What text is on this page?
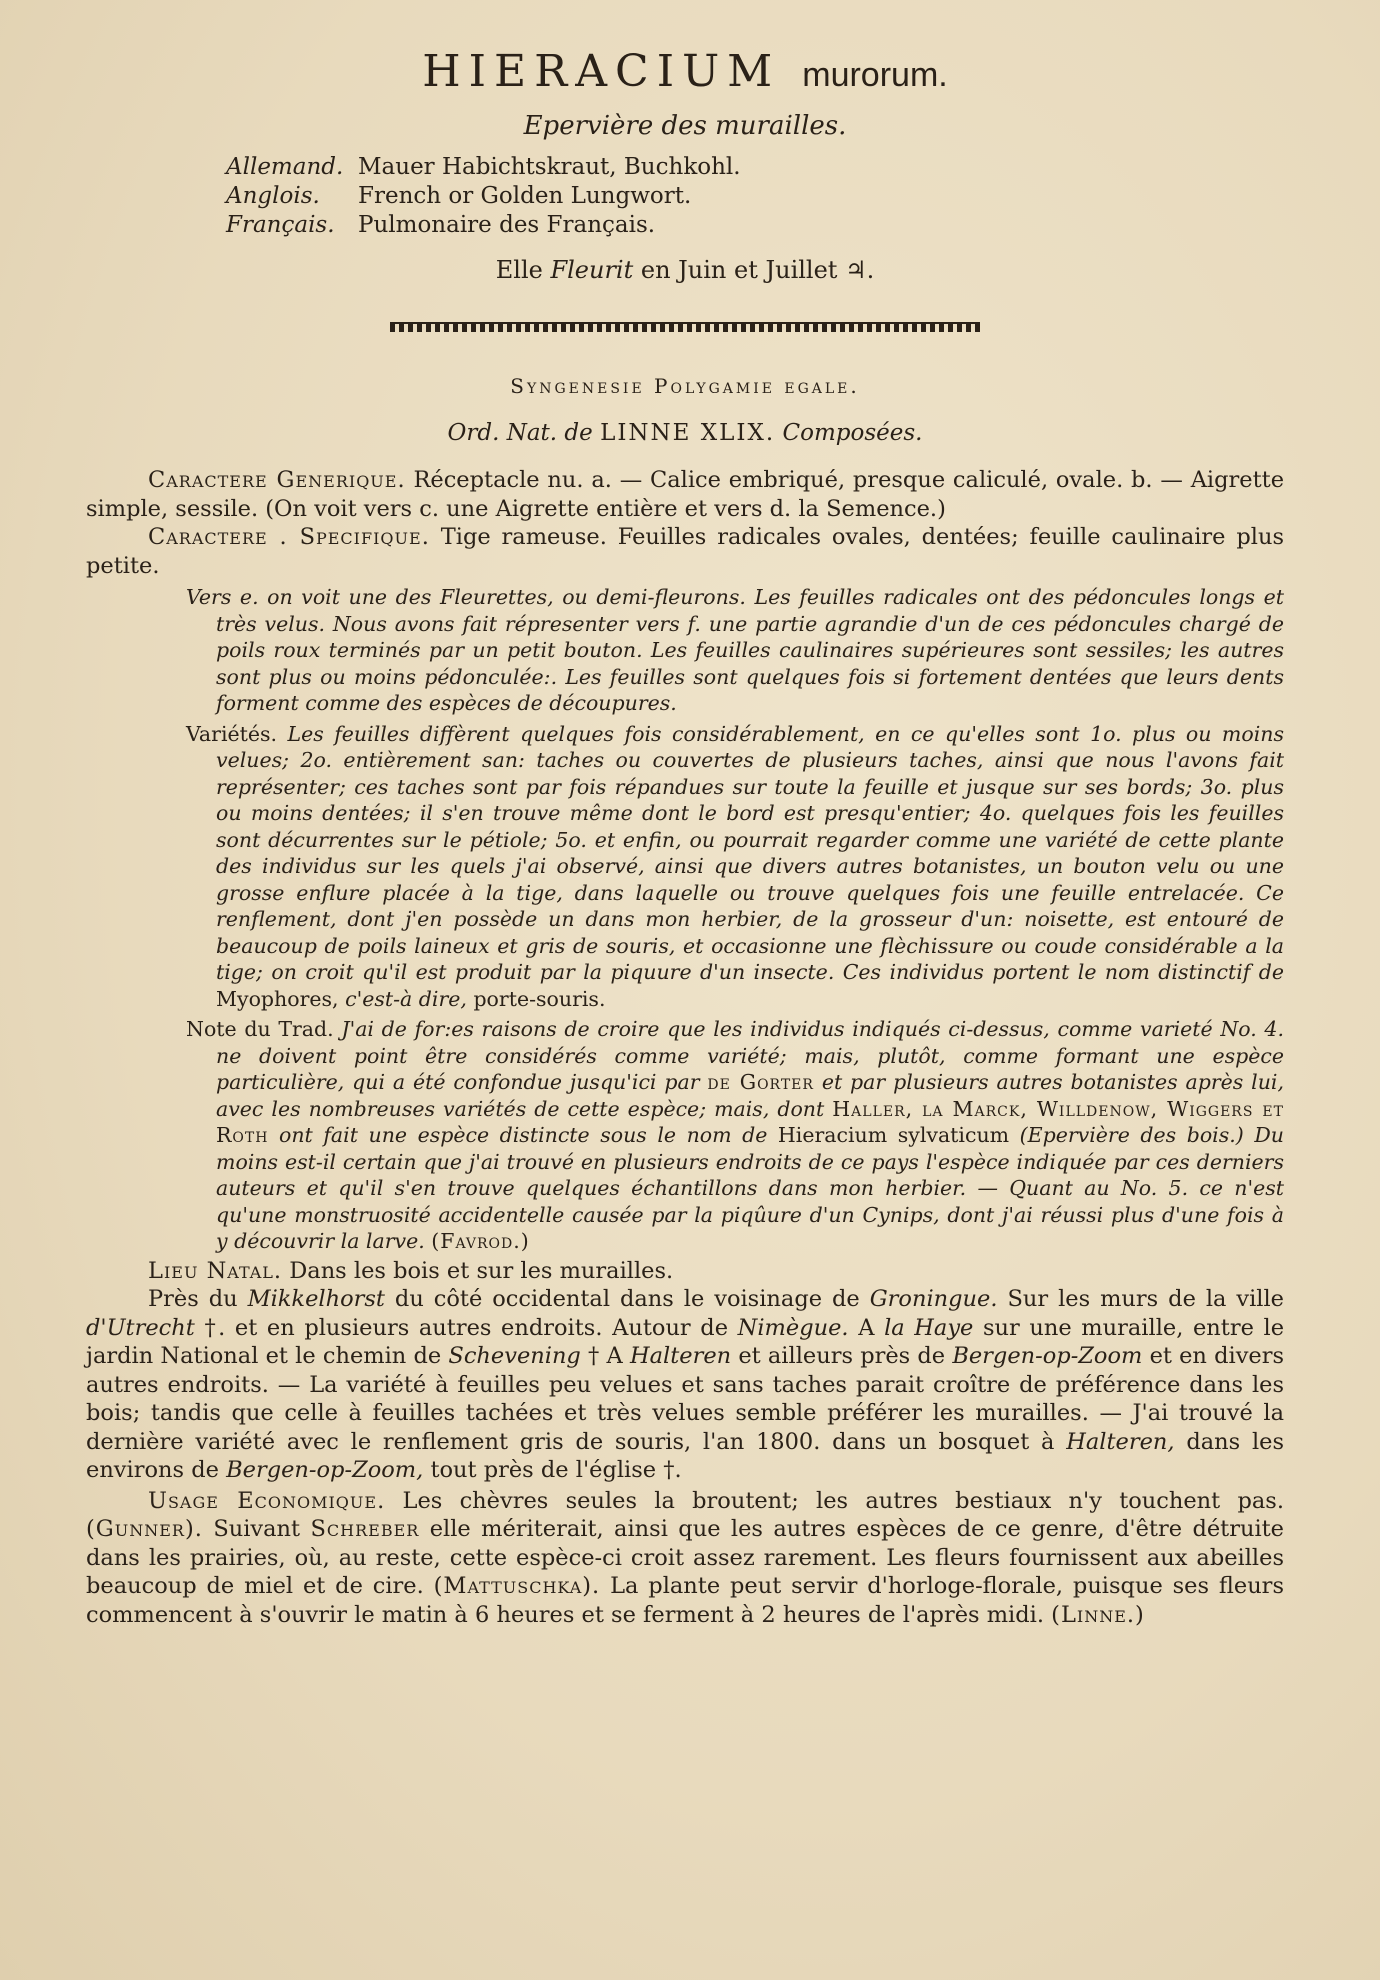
HIERACIUM murorum.
Epervière des murailles.
Allemand. Mauer Habichtskraut, Buchkohl.
Anglois. French or Golden Lungwort.
Français. Pulmonaire des Français.
Elle Fleurit en Juin et Juillet ♃.
Syngenesie Polygamie egale.
Ord. Nat. de LINNE XLIX. Composées.

Caractere Generique. Réceptacle nu. a. — Calice embriqué, presque caliculé, ovale. b. — Aigrette simple, sessile. (On voit vers c. une Aigrette entière et vers d. la Semence.)

Caractere . Specifique. Tige rameuse. Feuilles radicales ovales, dentées; feuille caulinaire plus petite.

Vers e. on voit une des Fleurettes, ou demi-fleurons. Les feuilles radicales ont des pédoncules longs et très velus. Nous avons fait répresenter vers f. une partie agrandie d'un de ces pédoncules chargé de poils roux terminés par un petit bouton. Les feuilles caulinaires supérieures sont sessiles; les autres sont plus ou moins pédonculée:. Les feuilles sont quelques fois si fortement dentées que leurs dents forment comme des espèces de découpures.

Variétés. Les feuilles diffèrent quelques fois considérablement, en ce qu'elles sont 1o. plus ou moins velues; 2o. entièrement san: taches ou couvertes de plusieurs taches, ainsi que nous l'avons fait représenter; ces taches sont par fois répandues sur toute la feuille et jusque sur ses bords; 3o. plus ou moins dentées; il s'en trouve même dont le bord est presqu'entier; 4o. quelques fois les feuilles sont décurrentes sur le pétiole; 5o. et enfin, ou pourrait regarder comme une variété de cette plante des individus sur les quels j'ai observé, ainsi que divers autres botanistes, un bouton velu ou une grosse enflure placée à la tige, dans laquelle ou trouve quelques fois une feuille entrelacée. Ce renflement, dont j'en possède un dans mon herbier, de la grosseur d'un: noisette, est entouré de beaucoup de poils laineux et gris de souris, et occasionne une flèchissure ou coude considérable a la tige; on croit qu'il est produit par la piquure d'un insecte. Ces individus portent le nom distinctif de Myophores, c'est-à dire, porte-souris.

Note du Trad. J'ai de for:es raisons de croire que les individus indiqués ci-dessus, comme varieté No. 4. ne doivent point être considérés comme variété; mais, plutôt, comme formant une espèce particulière, qui a été confondue jusqu'ici par de Gorter et par plusieurs autres botanistes après lui, avec les nombreuses variétés de cette espèce; mais, dont Haller, la Marck, Willdenow, Wiggers et Roth ont fait une espèce distincte sous le nom de Hieracium sylvaticum (Epervière des bois.) Du moins est-il certain que j'ai trouvé en plusieurs endroits de ce pays l'espèce indiquée par ces derniers auteurs et qu'il s'en trouve quelques échantillons dans mon herbier. — Quant au No. 5. ce n'est qu'une monstruosité accidentelle causée par la piqûure d'un Cynips, dont j'ai réussi plus d'une fois à y découvrir la larve. (Favrod.)

Lieu Natal. Dans les bois et sur les murailles.

Près du Mikkelhorst du côté occidental dans le voisinage de Groningue. Sur les murs de la ville d'Utrecht †. et en plusieurs autres endroits. Autour de Nimègue. A la Haye sur une muraille, entre le jardin National et le chemin de Schevening † A Halteren et ailleurs près de Bergen-op-Zoom et en divers autres endroits. — La variété à feuilles peu velues et sans taches parait croître de préférence dans les bois; tandis que celle à feuilles tachées et très velues semble préférer les murailles. — J'ai trouvé la dernière variété avec le renflement gris de souris, l'an 1800. dans un bosquet à Halteren, dans les environs de Bergen-op-Zoom, tout près de l'église †.

Usage Economique. Les chèvres seules la broutent; les autres bestiaux n'y touchent pas. (Gunner). Suivant Schreber elle mériterait, ainsi que les autres espèces de ce genre, d'être détruite dans les prairies, où, au reste, cette espèce-ci croit assez rarement. Les fleurs fournissent aux abeilles beaucoup de miel et de cire. (Mattuschka). La plante peut servir d'horloge-florale, puisque ses fleurs commencent à s'ouvrir le matin à 6 heures et se ferment à 2 heures de l'après midi. (Linne.)
